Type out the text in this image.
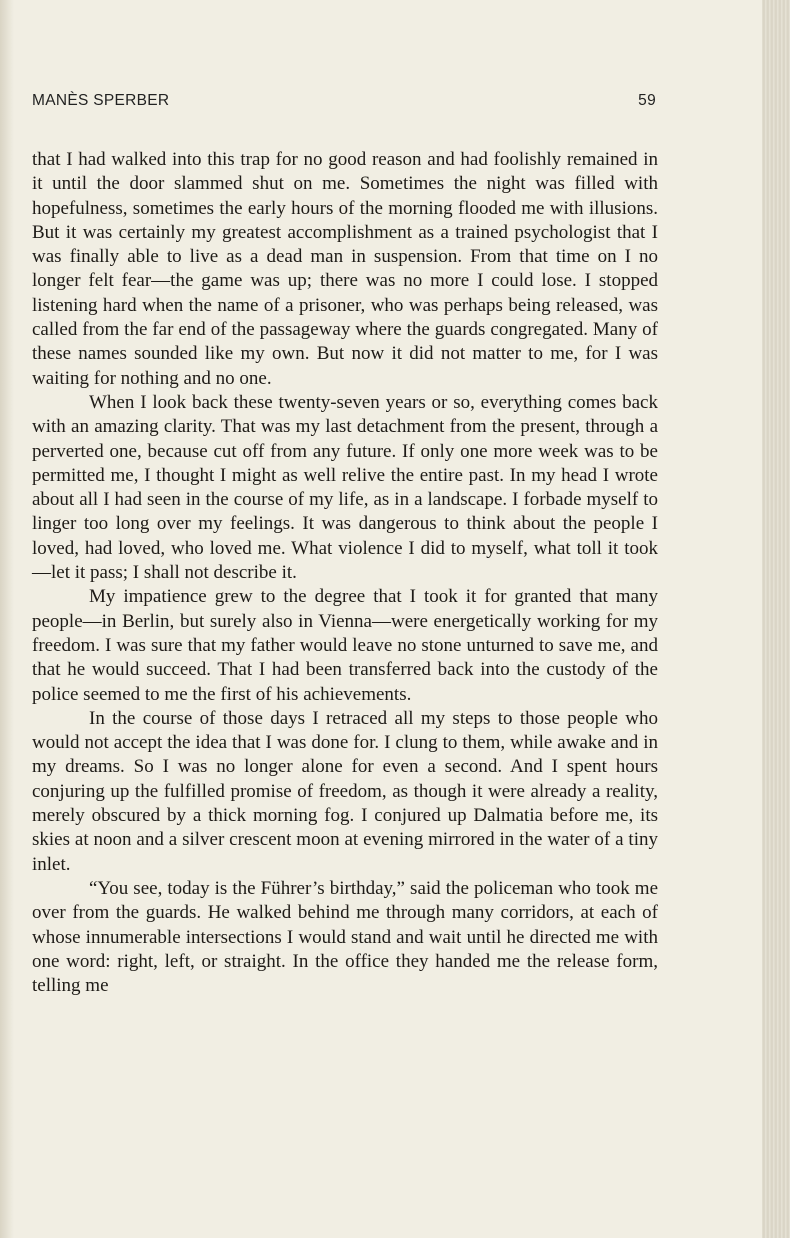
MANÈS SPERBER	59

that I had walked into this trap for no good reason and had foolishly remained in it until the door slammed shut on me. Sometimes the night was filled with hopefulness, sometimes the early hours of the morning flooded me with illusions. But it was certainly my greatest accomplishment as a trained psychologist that I was finally able to live as a dead man in suspension. From that time on I no longer felt fear—the game was up; there was no more I could lose. I stopped listening hard when the name of a prisoner, who was perhaps being released, was called from the far end of the passageway where the guards congregated. Many of these names sounded like my own. But now it did not matter to me, for I was waiting for nothing and no one.

When I look back these twenty-seven years or so, everything comes back with an amazing clarity. That was my last detachment from the present, through a perverted one, because cut off from any future. If only one more week was to be permitted me, I thought I might as well relive the entire past. In my head I wrote about all I had seen in the course of my life, as in a landscape. I forbade myself to linger too long over my feelings. It was dangerous to think about the people I loved, had loved, who loved me. What violence I did to myself, what toll it took—let it pass; I shall not describe it.

My impatience grew to the degree that I took it for granted that many people—in Berlin, but surely also in Vienna—were energetically working for my freedom. I was sure that my father would leave no stone unturned to save me, and that he would succeed. That I had been transferred back into the custody of the police seemed to me the first of his achievements.

In the course of those days I retraced all my steps to those people who would not accept the idea that I was done for. I clung to them, while awake and in my dreams. So I was no longer alone for even a second. And I spent hours conjuring up the fulfilled promise of freedom, as though it were already a reality, merely obscured by a thick morning fog. I conjured up Dalmatia before me, its skies at noon and a silver crescent moon at evening mirrored in the water of a tiny inlet.

“You see, today is the Führer’s birthday,” said the policeman who took me over from the guards. He walked behind me through many corridors, at each of whose innumerable intersections I would stand and wait until he directed me with one word: right, left, or straight. In the office they handed me the release form, telling me
